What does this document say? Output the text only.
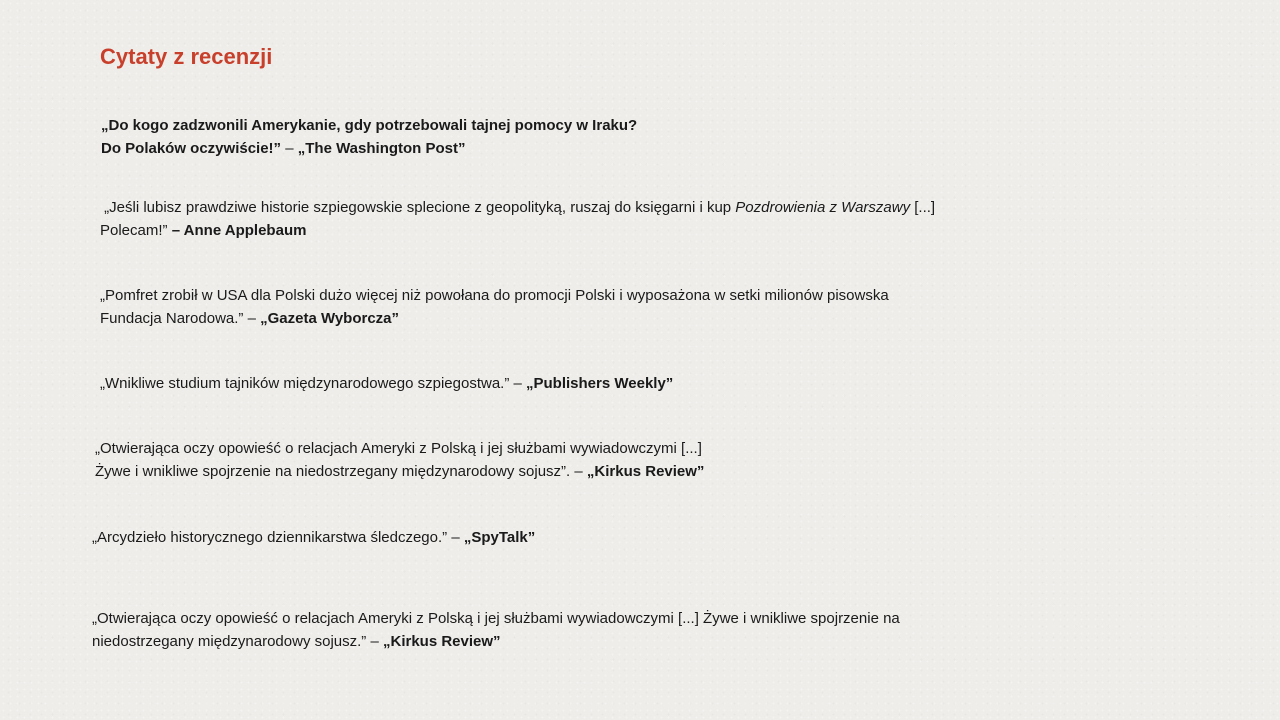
Cytaty z recenzji

„Do kogo zadzwonili Amerykanie, gdy potrzebowali tajnej pomocy w Iraku?
Do Polaków oczywiście!” – „The Washington Post”

„Jeśli lubisz prawdziwe historie szpiegowskie splecione z geopolityką, ruszaj do księgarni i kup Pozdrowienia z Warszawy [...]
Polecam!” – Anne Applebaum

„Pomfret zrobił w USA dla Polski dużo więcej niż powołana do promocji Polski i wyposażona w setki milionów pisowska
Fundacja Narodowa.” – „Gazeta Wyborcza”

„Wnikliwe studium tajników międzynarodowego szpiegostwa.” – „Publishers Weekly”

„Otwierająca oczy opowieść o relacjach Ameryki z Polską i jej służbami wywiadowczymi [...]
Żywe i wnikliwe spojrzenie na niedostrzegany międzynarodowy sojusz”. – „Kirkus Review”

„Arcydzieło historycznego dziennikarstwa śledczego.” – „SpyTalk”

„Otwierająca oczy opowieść o relacjach Ameryki z Polską i jej służbami wywiadowczymi [...] Żywe i wnikliwe spojrzenie na
niedostrzegany międzynarodowy sojusz.” – „Kirkus Review”
